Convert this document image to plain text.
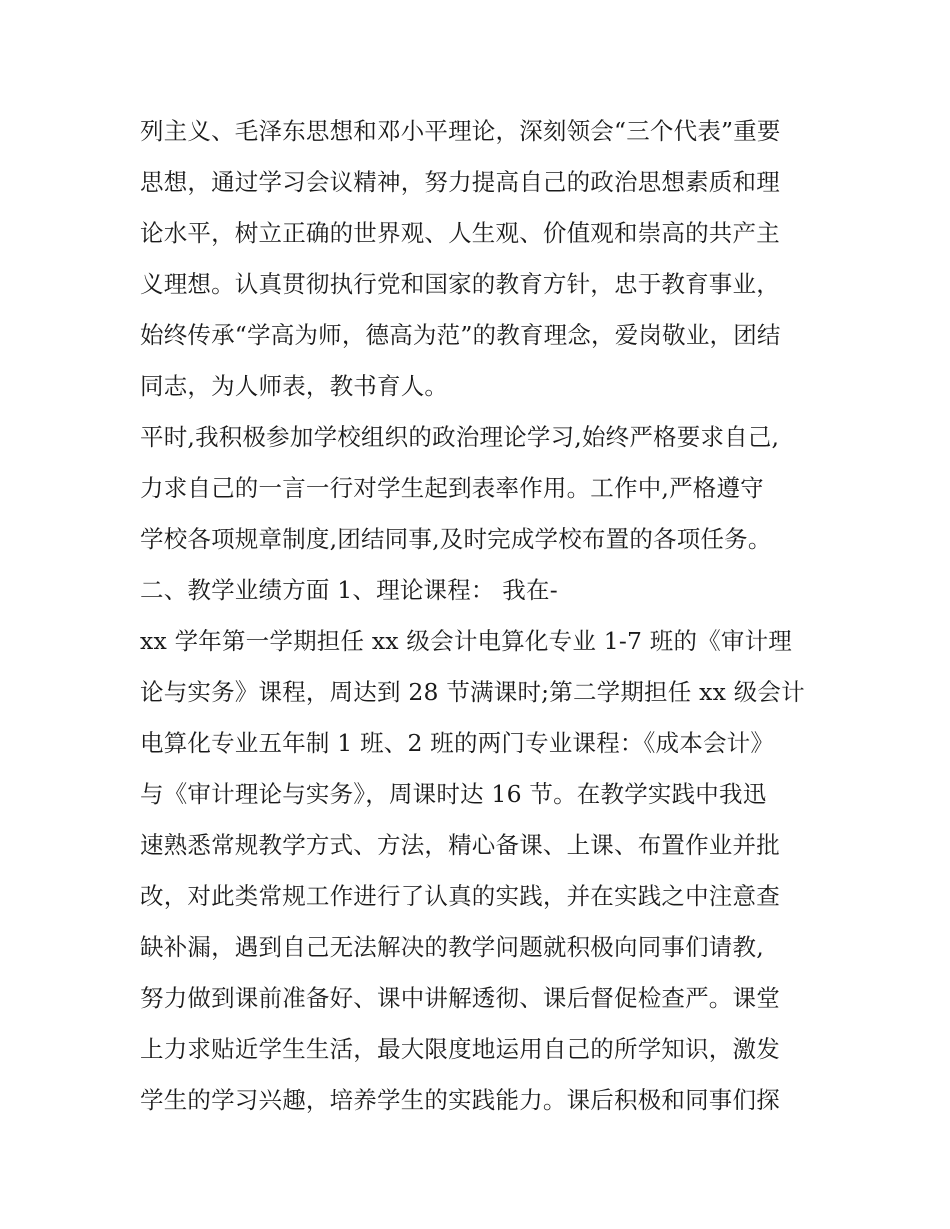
列主义、毛泽东思想和邓小平理论，深刻领会“三个代表”重要
思想，通过学习会议精神，努力提高自己的政治思想素质和理
论水平，树立正确的世界观、人生观、价值观和崇高的共产主
义理想。认真贯彻执行党和国家的教育方针，忠于教育事业，
始终传承“学高为师，德高为范”的教育理念，爱岗敬业，团结
同志，为人师表，教书育人。
平时,我积极参加学校组织的政治理论学习,始终严格要求自己,
力求自己的一言一行对学生起到表率作用。工作中,严格遵守
学校各项规章制度,团结同事,及时完成学校布置的各项任务。
二、教学业绩方面 1、理论课程： 我在-
xx 学年第一学期担任 xx 级会计电算化专业 1-7 班的《审计理
论与实务》课程，周达到 28 节满课时;第二学期担任 xx 级会计
电算化专业五年制 1 班、2 班的两门专业课程：《成本会计》
与《审计理论与实务》，周课时达 16 节。在教学实践中我迅
速熟悉常规教学方式、方法，精心备课、上课、布置作业并批
改，对此类常规工作进行了认真的实践，并在实践之中注意查
缺补漏，遇到自己无法解决的教学问题就积极向同事们请教,
努力做到课前准备好、课中讲解透彻、课后督促检查严。课堂
上力求贴近学生生活，最大限度地运用自己的所学知识，激发
学生的学习兴趣，培养学生的实践能力。课后积极和同事们探
